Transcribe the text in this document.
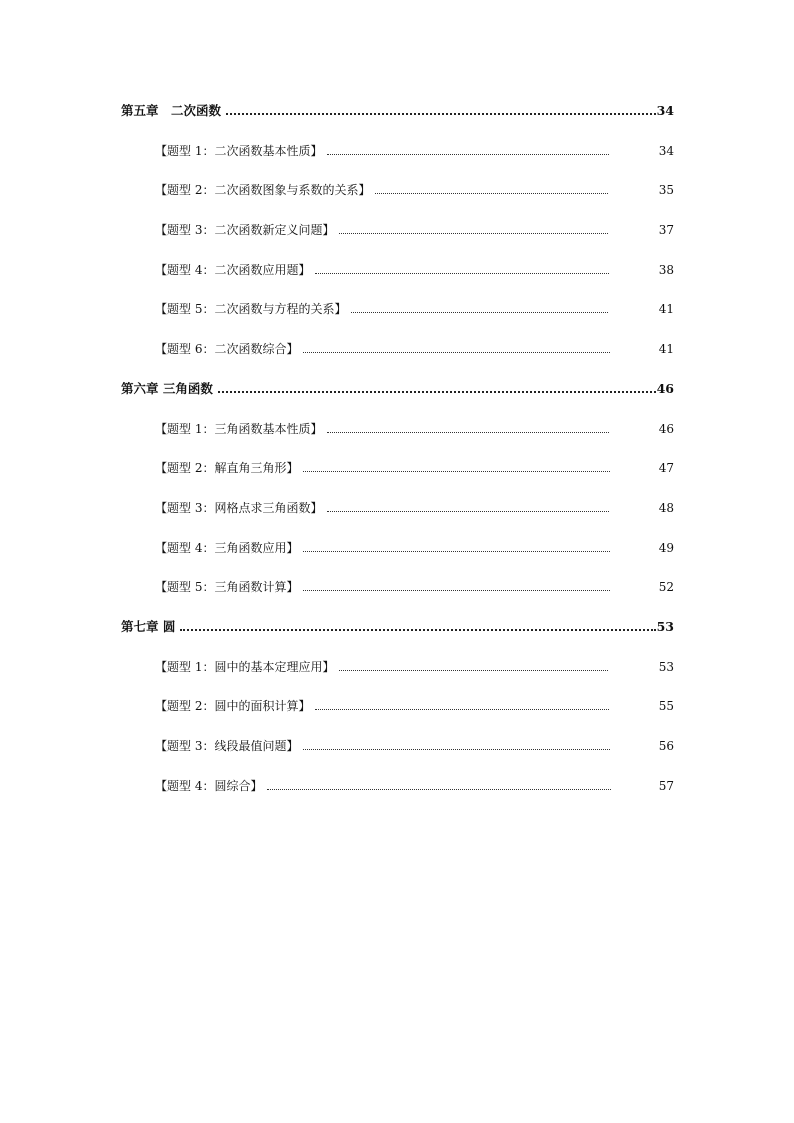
第五章　二次函数	34
【题型 1：二次函数基本性质】	34
【题型 2：二次函数图象与系数的关系】	35
【题型 3：二次函数新定义问题】	37
【题型 4：二次函数应用题】	38
【题型 5：二次函数与方程的关系】	41
【题型 6：二次函数综合】	41
第六章 三角函数	46
【题型 1：三角函数基本性质】	46
【题型 2：解直角三角形】	47
【题型 3：网格点求三角函数】	48
【题型 4：三角函数应用】	49
【题型 5：三角函数计算】	52
第七章 圆	53
【题型 1：圆中的基本定理应用】	53
【题型 2：圆中的面积计算】	55
【题型 3：线段最值问题】	56
【题型 4：圆综合】	57
